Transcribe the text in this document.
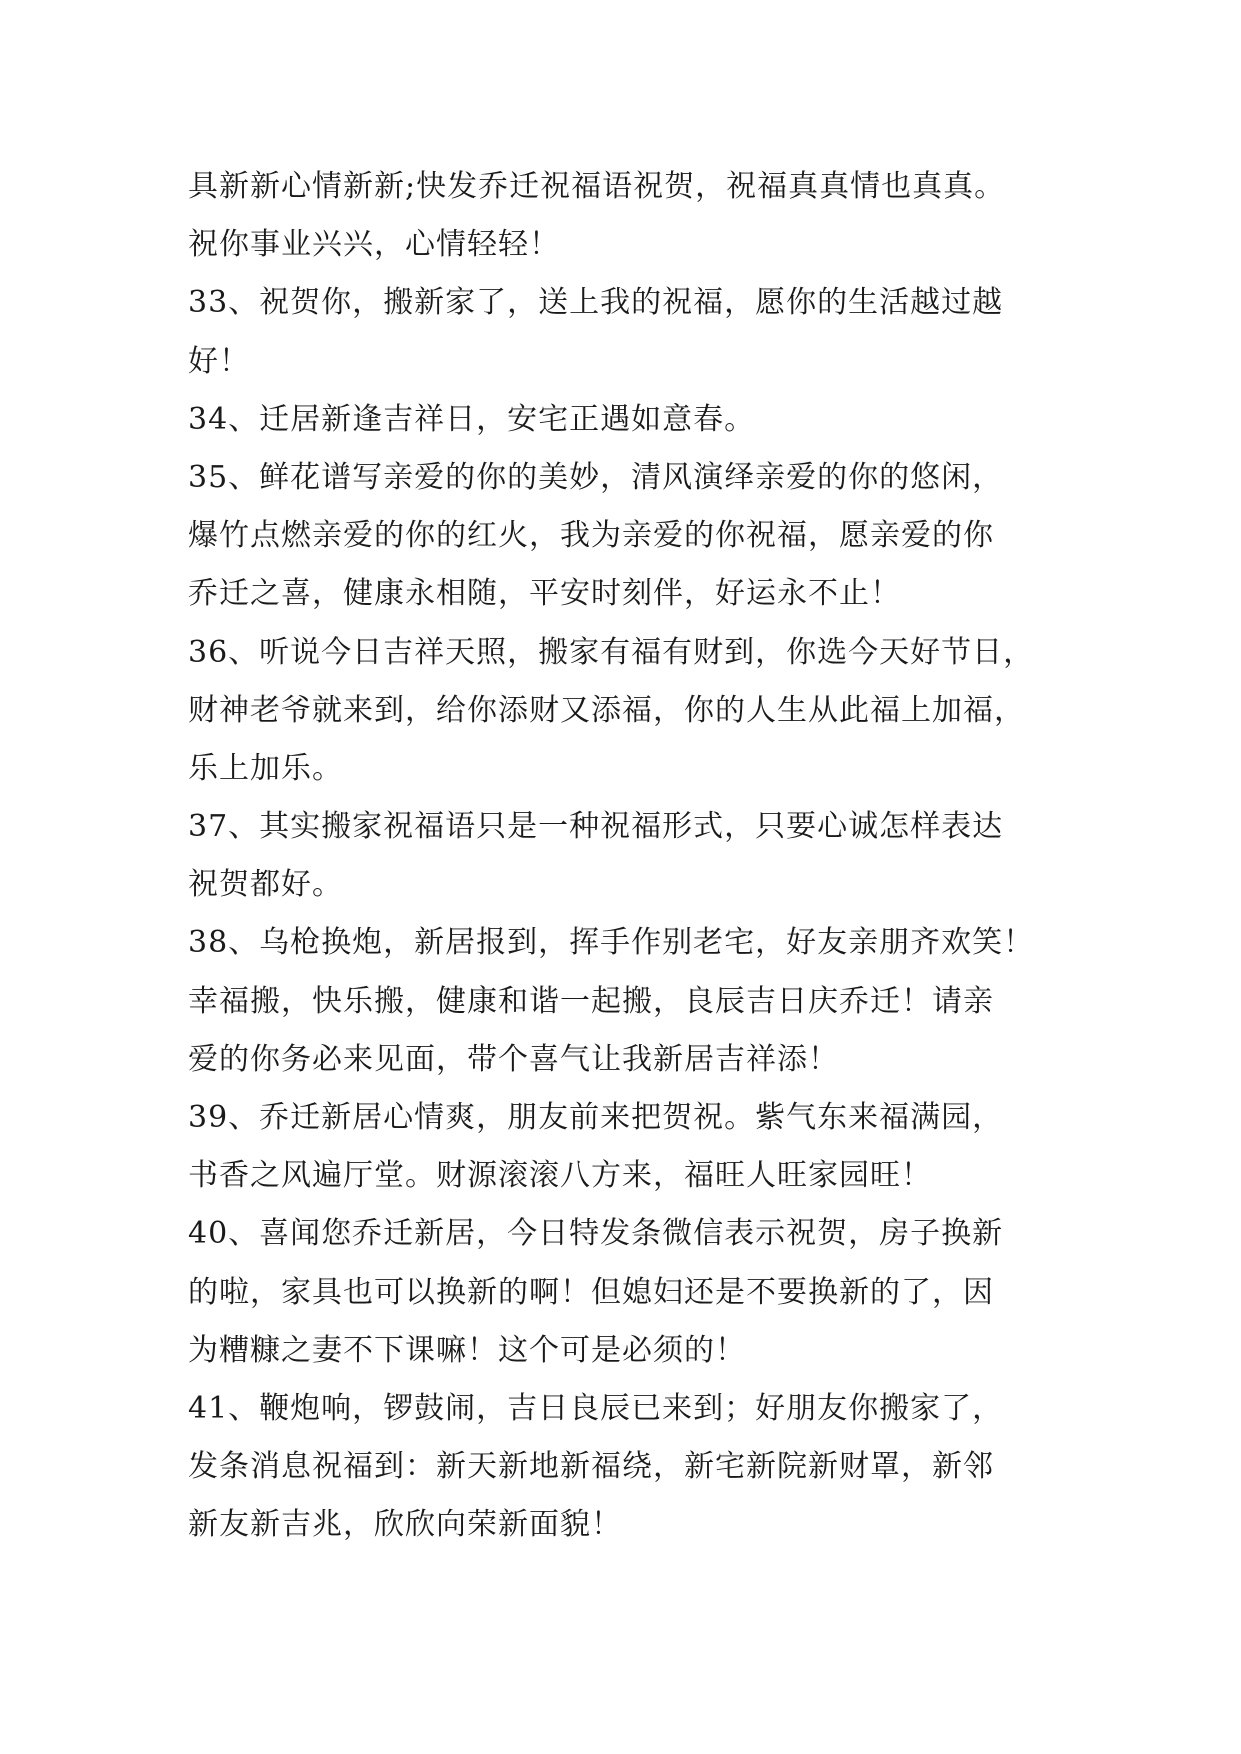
具新新心情新新;快发乔迁祝福语祝贺，祝福真真情也真真。
祝你事业兴兴，心情轻轻！
33、祝贺你，搬新家了，送上我的祝福，愿你的生活越过越
好！
34、迁居新逢吉祥日，安宅正遇如意春。
35、鲜花谱写亲爱的你的美妙，清风演绎亲爱的你的悠闲，
爆竹点燃亲爱的你的红火，我为亲爱的你祝福，愿亲爱的你
乔迁之喜，健康永相随，平安时刻伴，好运永不止！
36、听说今日吉祥天照，搬家有福有财到，你选今天好节日，
财神老爷就来到，给你添财又添福，你的人生从此福上加福，
乐上加乐。
37、其实搬家祝福语只是一种祝福形式，只要心诚怎样表达
祝贺都好。
38、乌枪换炮，新居报到，挥手作别老宅，好友亲朋齐欢笑！
幸福搬，快乐搬，健康和谐一起搬，良辰吉日庆乔迁！请亲
爱的你务必来见面，带个喜气让我新居吉祥添！
39、乔迁新居心情爽，朋友前来把贺祝。紫气东来福满园，
书香之风遍厅堂。财源滚滚八方来，福旺人旺家园旺！
40、喜闻您乔迁新居，今日特发条微信表示祝贺，房子换新
的啦，家具也可以换新的啊！但媳妇还是不要换新的了，因
为糟糠之妻不下课嘛！这个可是必须的！
41、鞭炮响，锣鼓闹，吉日良辰已来到；好朋友你搬家了，
发条消息祝福到：新天新地新福绕，新宅新院新财罩，新邻
新友新吉兆，欣欣向荣新面貌！
